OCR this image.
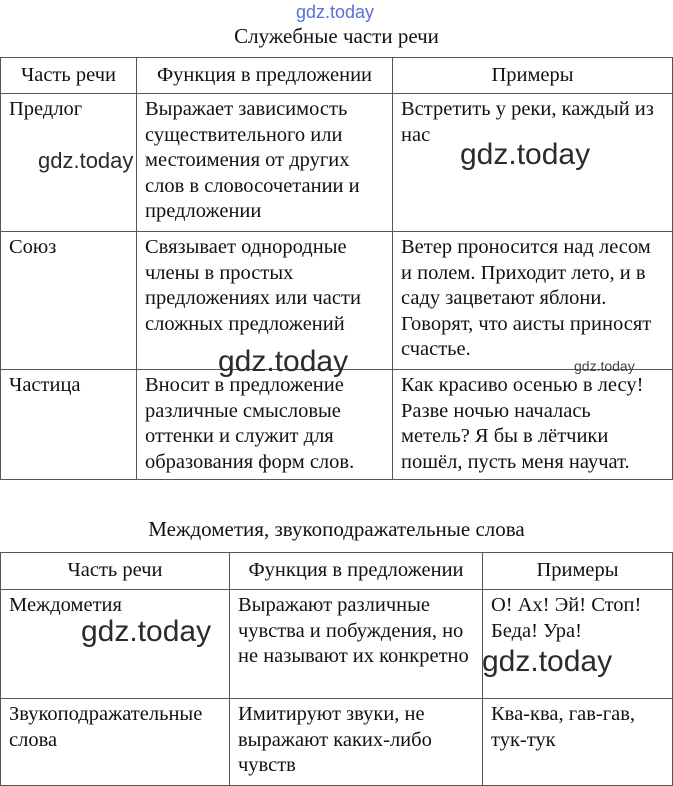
gdz.today
Служебные части речи
Часть речи	Функция в предложении	Примеры
Предлог	Выражает зависимость существительного или местоимения от других слов в словосочетании и предложении	Встретить у реки, каждый из нас
Союз	Связывает однородные члены в простых предложениях или части сложных предложений	Ветер проносится над лесом и полем. Приходит лето, и в саду зацветают яблони. Говорят, что аисты приносят счастье.
Частица	Вносит в предложение различные смысловые оттенки и служит для образования форм слов.	Как красиво осенью в лесу! Разве ночью началась метель? Я бы в лётчики пошёл, пусть меня научат.
Междометия, звукоподражательные слова
Часть речи	Функция в предложении	Примеры
Междометия	Выражают различные чувства и побуждения, но не называют их конкретно	О! Ах! Эй! Стоп! Беда! Ура!
Звукоподражательные слова	Имитируют звуки, не выражают каких-либо чувств	Ква-ква, гав-гав, тук-тук
gdz.today	gdz.today
gdz.today	gdz.today
gdz.today
gdz.today
